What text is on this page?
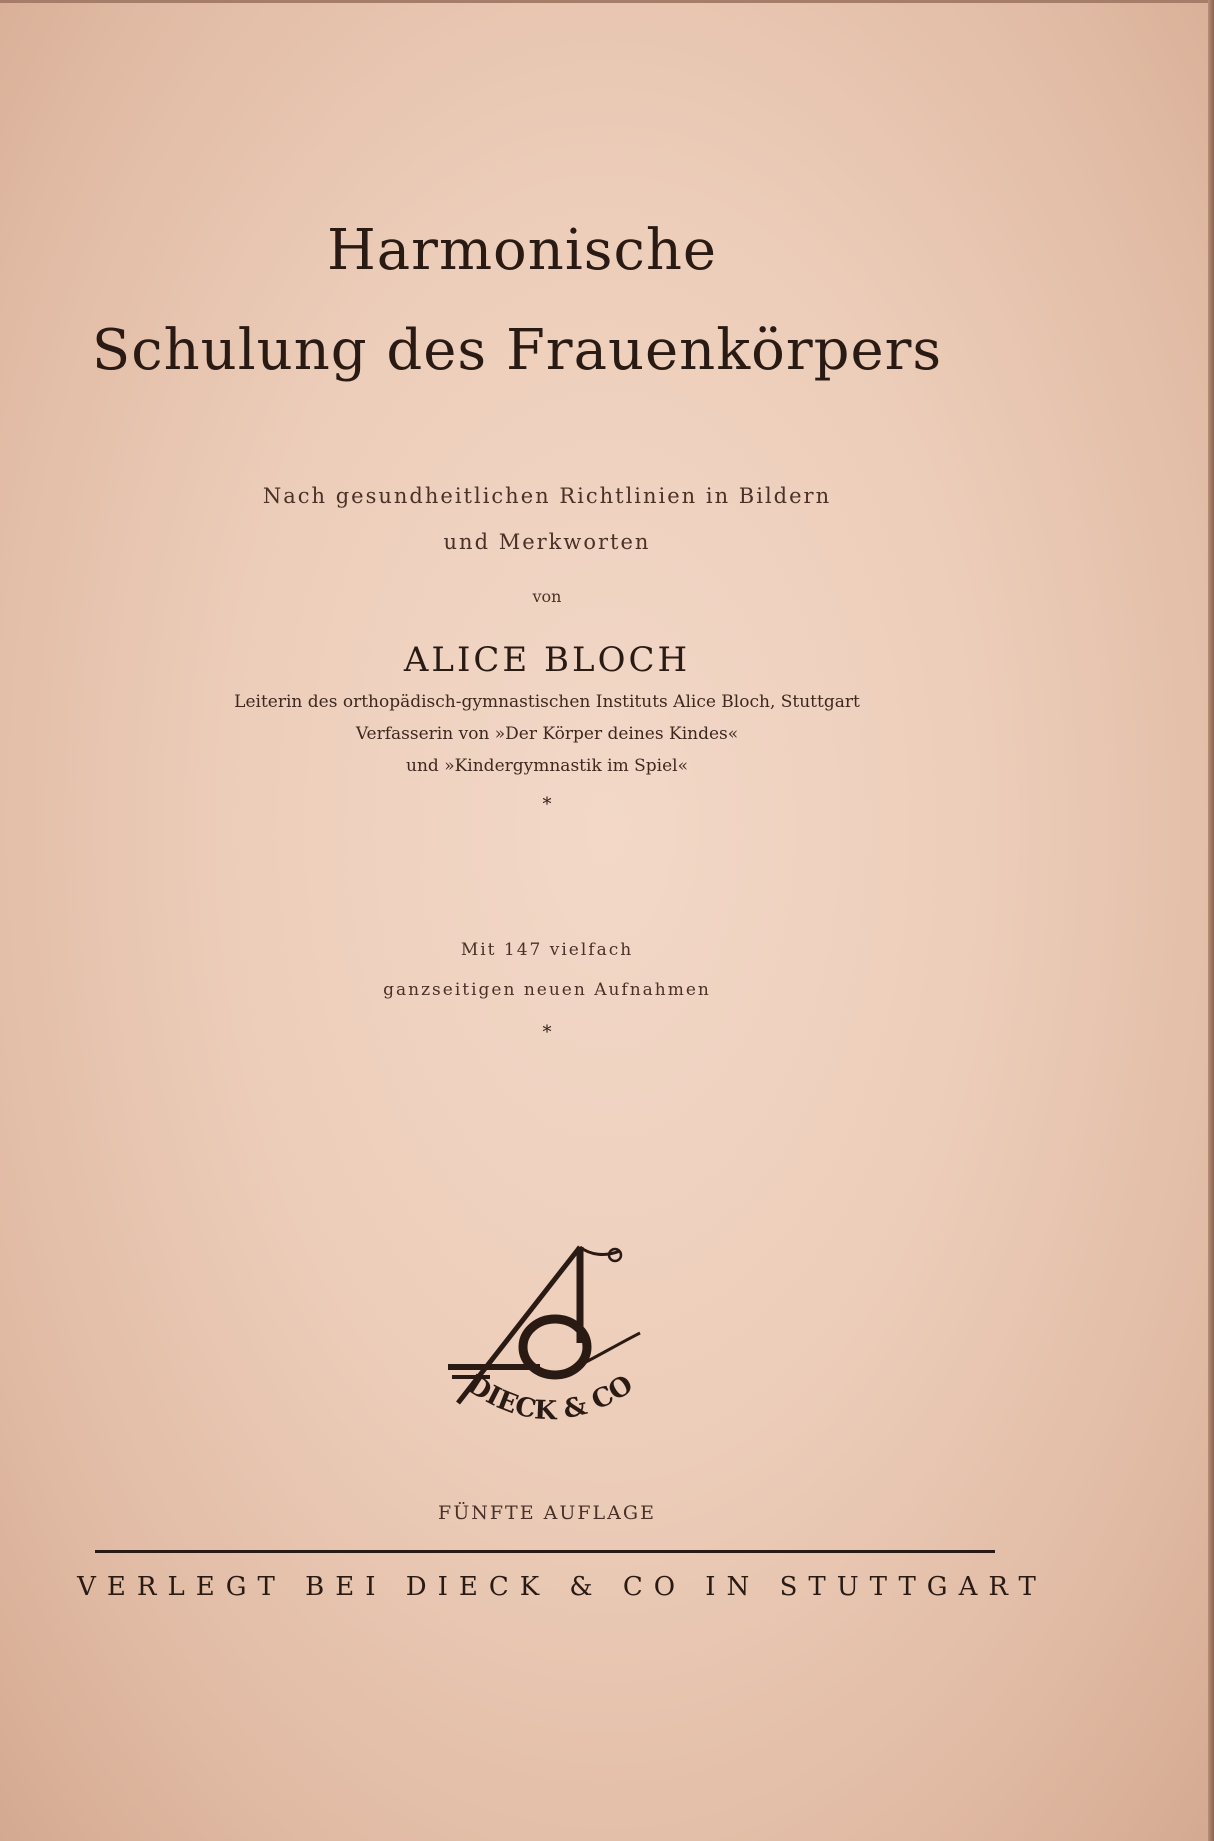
Harmonische
Schulung des Frauenkörpers
Nach gesundheitlichen Richtlinien in Bildern
und Merkworten
von
ALICE BLOCH
Leiterin des orthopädisch-gymnastischen Instituts Alice Bloch, Stuttgart
Verfasserin von »Der Körper deines Kindes«
und »Kindergymnastik im Spiel«
*
Mit 147 vielfach
ganzseitigen neuen Aufnahmen
*
DIECK & CO
FÜNFTE AUFLAGE
VERLEGT BEI DIECK & CO IN STUTTGART
